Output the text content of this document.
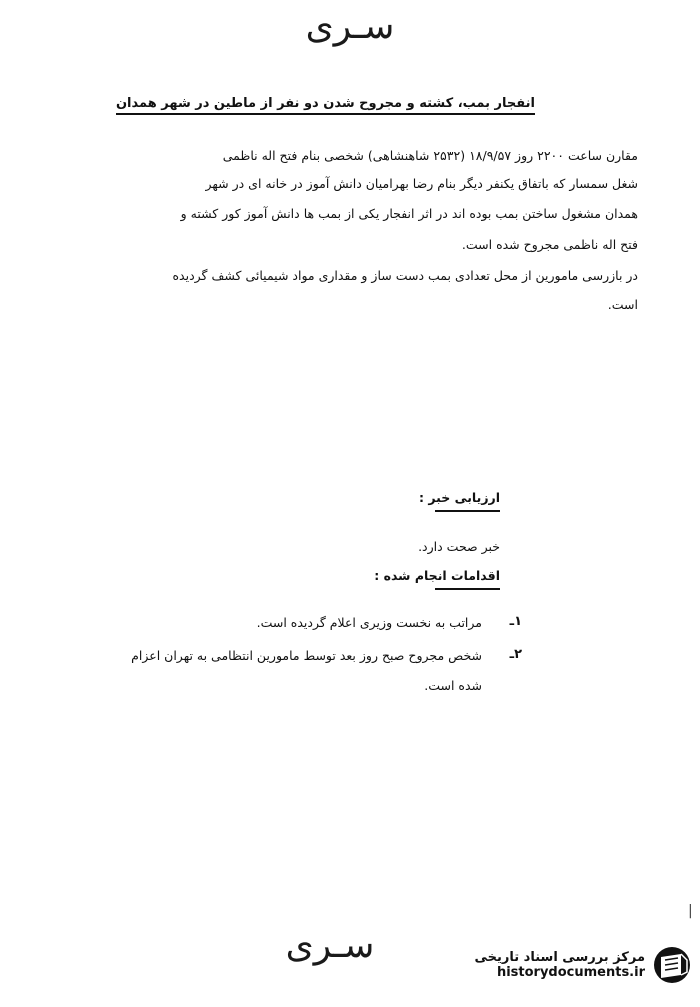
سـرى
انفجار بمب، کشته و مجروح شدن دو نفر از ماطین در شهر همدان
مقارن ساعت ۲۲۰۰ روز ۱۸/۹/۵۷ (۲۵۳۲ شاهنشاهی) شخصی بنام فتح اله ناظمی
شغل سمسار که باتفاق یکنفر دیگر بنام رضا بهرامیان دانش آموز در خانه ای در شهر
همدان مشغول ساختن بمب بوده اند در اثر انفجار یکی از بمب ها دانش آموز کور کشته و
فتح اله ناظمی مجروح شده است.
در بازرسی مامورین از محل تعدادی بمب دست ساز و مقداری مواد شیمیائی کشف گردیده
است.
ارزیابی خبر :
خبر صحت دارد.
اقدامات انجام شده :
۱ـ
مراتب به نخست وزیری اعلام گردیده است.
۲ـ
شخص مجروح صبح روز بعد توسط مامورین انتظامی به تهران اعزام
شده است.
|
سـرى	مرکز بررسی اسناد تاریخی
historydocuments.ir
